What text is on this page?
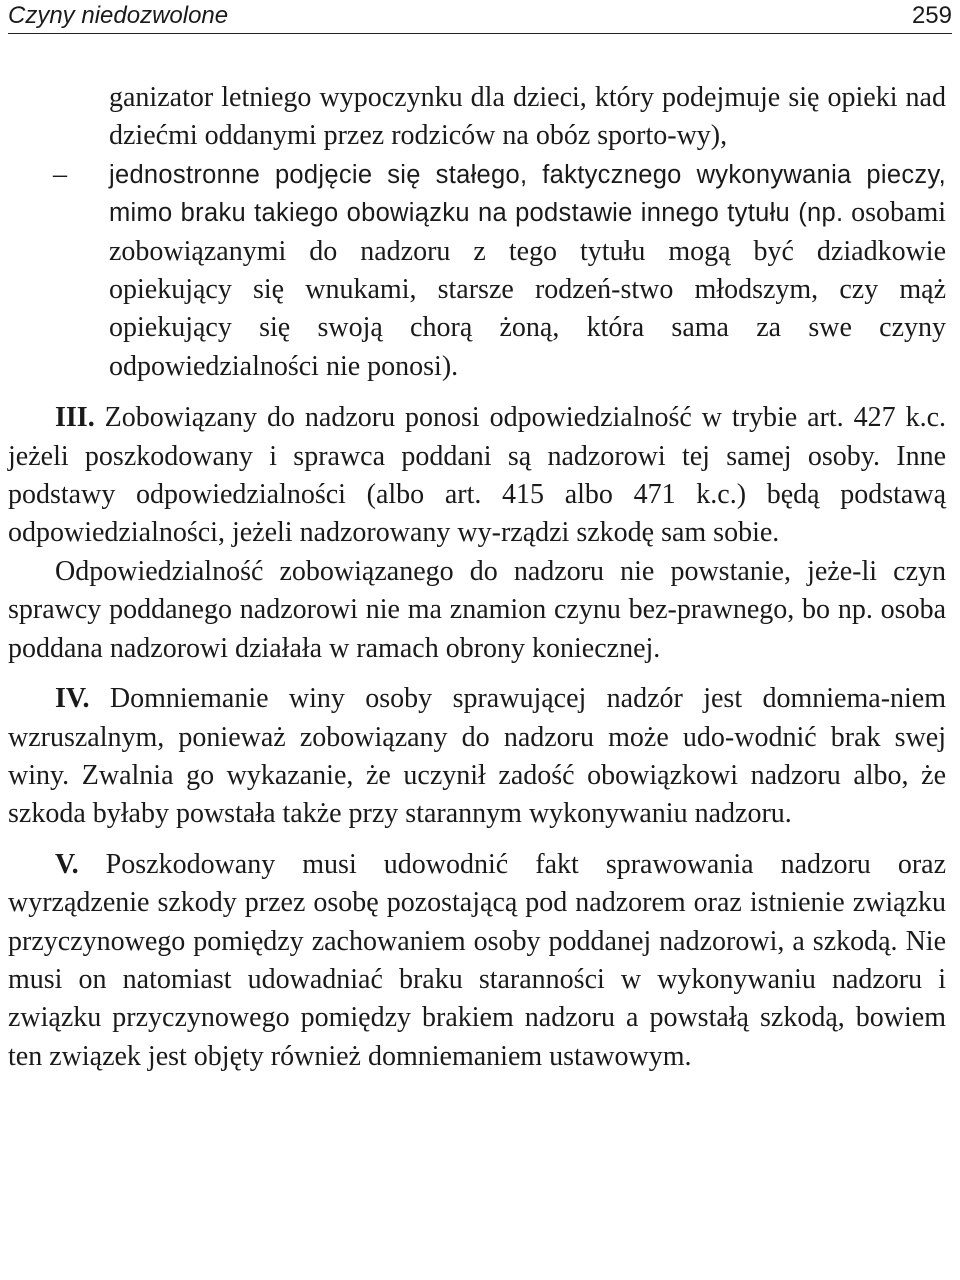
Czyny niedozwolone	259

ganizator letniego wypoczynku dla dzieci, który podejmuje się opieki nad dziećmi oddanymi przez rodziców na obóz sporto-wy),

– jednostronne podjęcie się stałego, faktycznego wykonywania pieczy, mimo braku takiego obowiązku na podstawie innego tytułu (np. osobami zobowiązanymi do nadzoru z tego tytułu mogą być dziadkowie opiekujący się wnukami, starsze rodzeń-stwo młodszym, czy mąż opiekujący się swoją chorą żoną, która sama za swe czyny odpowiedzialności nie ponosi).

III. Zobowiązany do nadzoru ponosi odpowiedzialność w trybie art. 427 k.c. jeżeli poszkodowany i sprawca poddani są nadzorowi tej samej osoby. Inne podstawy odpowiedzialności (albo art. 415 albo 471 k.c.) będą podstawą odpowiedzialności, jeżeli nadzorowany wy-rządzi szkodę sam sobie.

Odpowiedzialność zobowiązanego do nadzoru nie powstanie, jeże-li czyn sprawcy poddanego nadzorowi nie ma znamion czynu bez-prawnego, bo np. osoba poddana nadzorowi działała w ramach obrony koniecznej.

IV. Domniemanie winy osoby sprawującej nadzór jest domniema-niem wzruszalnym, ponieważ zobowiązany do nadzoru może udo-wodnić brak swej winy. Zwalnia go wykazanie, że uczynił zadość obowiązkowi nadzoru albo, że szkoda byłaby powstała także przy starannym wykonywaniu nadzoru.

V. Poszkodowany musi udowodnić fakt sprawowania nadzoru oraz wyrządzenie szkody przez osobę pozostającą pod nadzorem oraz istnienie związku przyczynowego pomiędzy zachowaniem osoby poddanej nadzorowi, a szkodą. Nie musi on natomiast udowadniać braku staranności w wykonywaniu nadzoru i związku przyczynowego pomiędzy brakiem nadzoru a powstałą szkodą, bowiem ten związek jest objęty również domniemaniem ustawowym.
